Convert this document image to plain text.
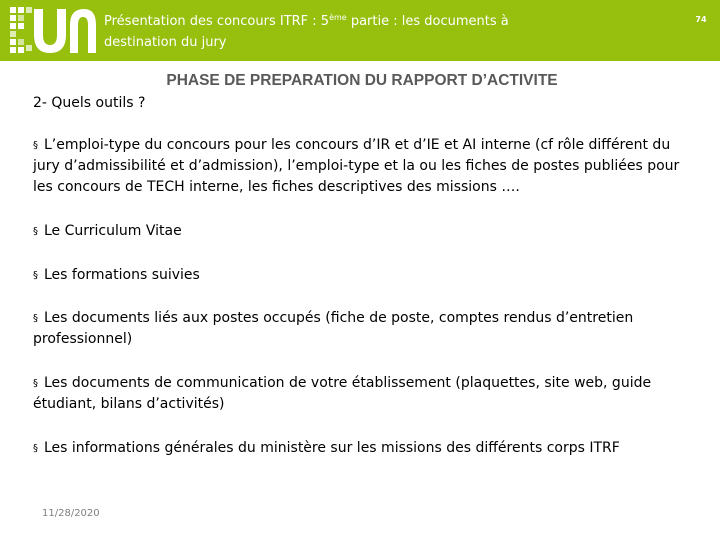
Présentation des concours ITRF : 5ème partie : les documents à
destination du jury
74
PHASE DE PREPARATION DU RAPPORT D’ACTIVITE
2- Quels outils ?
§ L’emploi-type du concours pour les concours d’IR et d’IE et AI interne (cf rôle différent du jury d’admissibilité et d’admission), l’emploi-type et la ou les fiches de postes publiées pour les concours de TECH interne, les fiches descriptives des missions ….
§ Le Curriculum Vitae
§ Les formations suivies
§ Les documents liés aux postes occupés (fiche de poste, comptes rendus d’entretien professionnel)
§ Les documents de communication de votre établissement (plaquettes, site web, guide étudiant, bilans d’activités)
§ Les informations générales du ministère sur les missions des différents corps ITRF
11/28/2020
